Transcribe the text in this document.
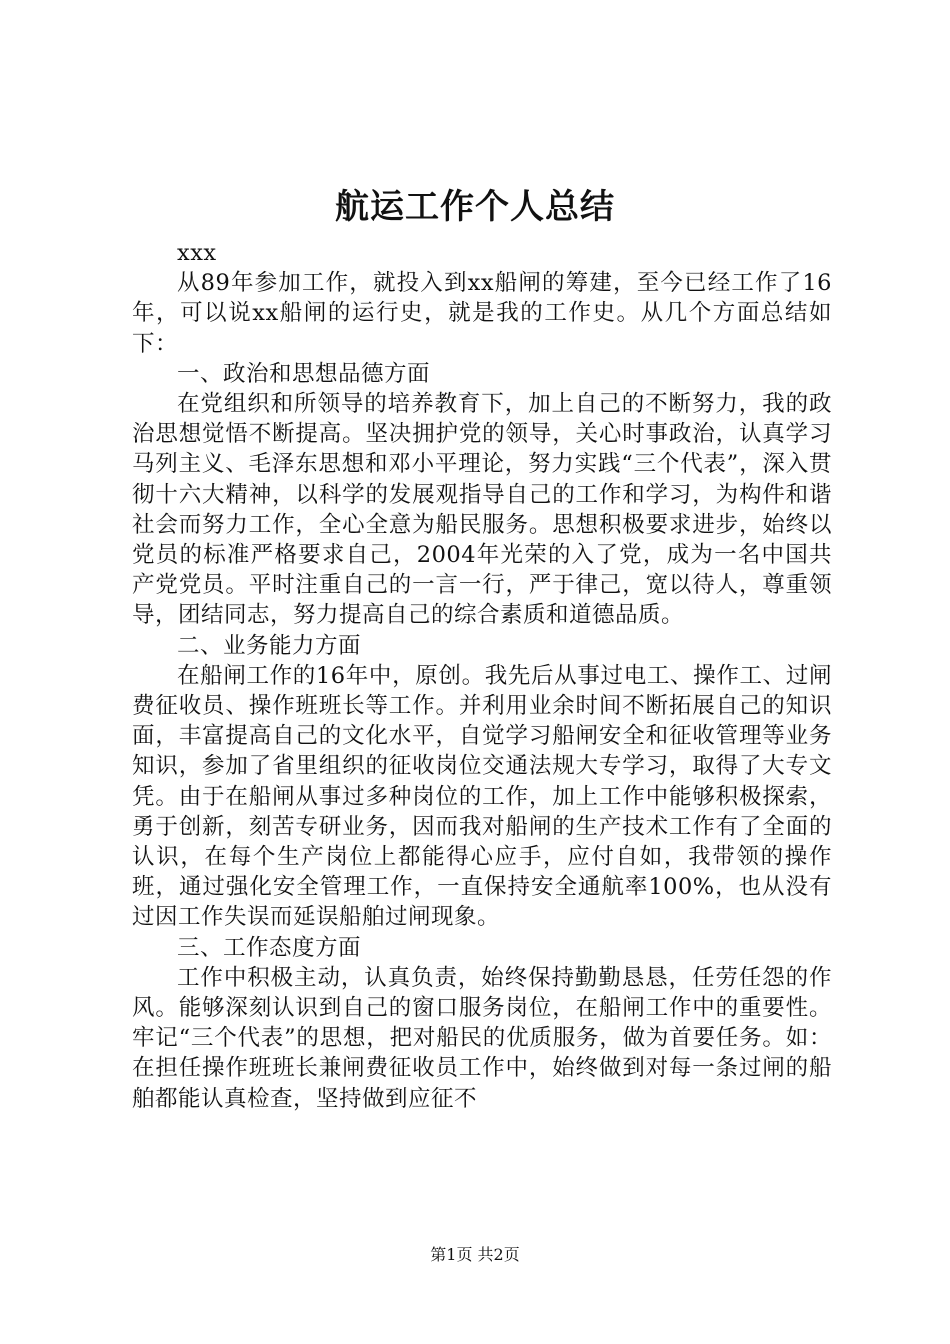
航运工作个人总结

xxx

从89年参加工作，就投入到xx船闸的筹建，至今已经工作了16年，可以说xx船闸的运行史，就是我的工作史。从几个方面总结如下：

一、政治和思想品德方面

在党组织和所领导的培养教育下，加上自己的不断努力，我的政治思想觉悟不断提高。坚决拥护党的领导，关心时事政治，认真学习马列主义、毛泽东思想和邓小平理论，努力实践“三个代表”，深入贯彻十六大精神，以科学的发展观指导自己的工作和学习，为构件和谐社会而努力工作，全心全意为船民服务。思想积极要求进步，始终以党员的标准严格要求自己，2004年光荣的入了党，成为一名中国共产党党员。平时注重自己的一言一行，严于律己，宽以待人，尊重领导，团结同志，努力提高自己的综合素质和道德品质。

二、业务能力方面

在船闸工作的16年中，原创。我先后从事过电工、操作工、过闸费征收员、操作班班长等工作。并利用业余时间不断拓展自己的知识面，丰富提高自己的文化水平，自觉学习船闸安全和征收管理等业务知识，参加了省里组织的征收岗位交通法规大专学习，取得了大专文凭。由于在船闸从事过多种岗位的工作，加上工作中能够积极探索，勇于创新，刻苦专研业务，因而我对船闸的生产技术工作有了全面的认识，在每个生产岗位上都能得心应手，应付自如，我带领的操作班，通过强化安全管理工作，一直保持安全通航率100%，也从没有过因工作失误而延误船舶过闸现象。

三、工作态度方面

工作中积极主动，认真负责，始终保持勤勤恳恳，任劳任怨的作风。能够深刻认识到自己的窗口服务岗位，在船闸工作中的重要性。牢记“三个代表”的思想，把对船民的优质服务，做为首要任务。如：在担任操作班班长兼闸费征收员工作中，始终做到对每一条过闸的船舶都能认真检查，坚持做到应征不

第1页 共2页
